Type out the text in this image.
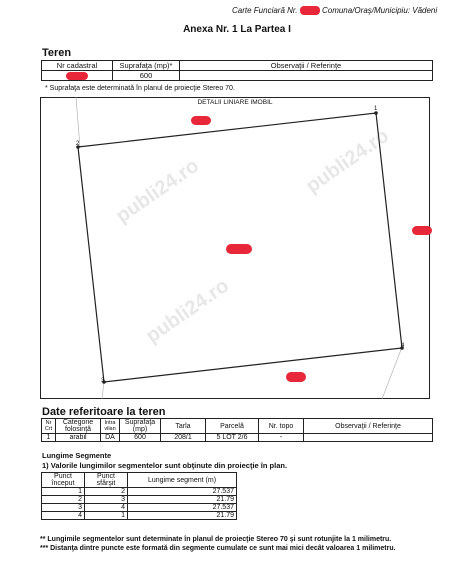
Carte Funciară Nr.	Comuna/Oraş/Municipiu: Vădeni
Anexa Nr. 1 La Partea I
Teren
Nr cadastral	Suprafaţa (mp)*	Observaţii / Referinţe
	600	
* Suprafaţa este determinată în planul de proiecţie Stereo 70.
DETALII LINIARE IMOBIL
2
1
4
3
publi24.ro	publi24.ro
publi24.ro
Date referitoare la teren
Nr Crt	Categorie folosinţă	Intra vilan	Suprafaţa (mp)	Tarla	Parcelă	Nr. topo	Observaţii / Referinţe
1	arabil	DA	600	208/1	5 LOT 2/6	-	
Lungime Segmente
1) Valorile lungimilor segmentelor sunt obţinute din proiecţie în plan.
Punct început	Punct sfârşit	Lungime segment (m)
1	2	27.537
2	3	21.79
3	4	27.537
4	1	21.79
** Lungimile segmentelor sunt determinate în planul de proiecţie Stereo 70 şi sunt rotunjite la 1 milimetru.
*** Distanţa dintre puncte este formată din segmente cumulate ce sunt mai mici decât valoarea 1 milimetru.
